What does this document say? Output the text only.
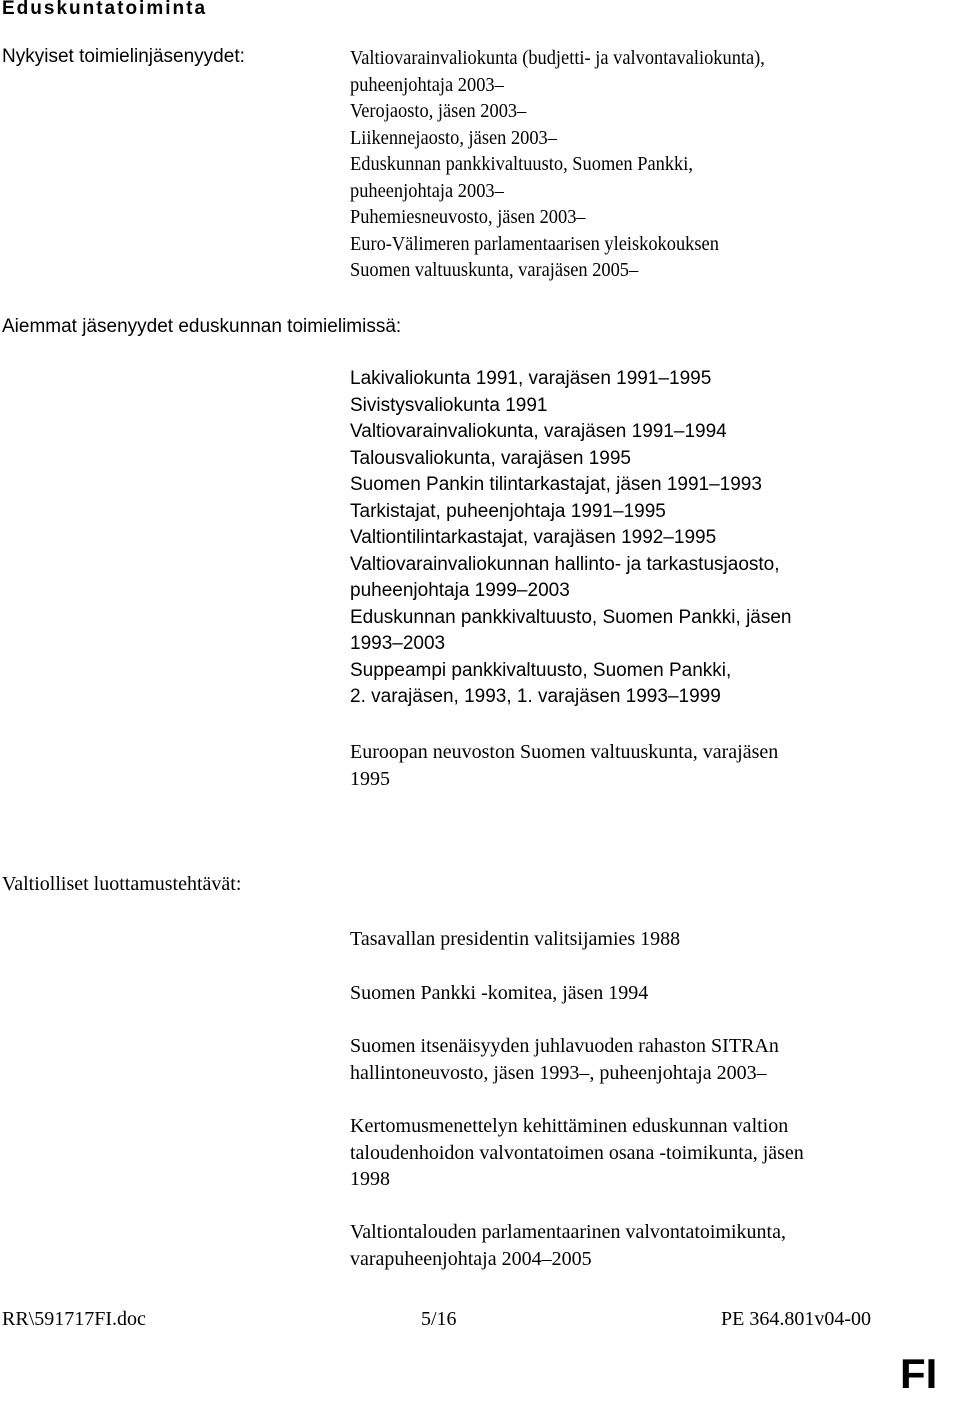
Eduskuntatoiminta
Nykyiset toimielinjäsenyydet:	Valtiovarainvaliokunta (budjetti- ja valvontavaliokunta),
puheenjohtaja 2003–
Verojaosto, jäsen 2003–
Liikennejaosto, jäsen 2003–
Eduskunnan pankkivaltuusto, Suomen Pankki,
puheenjohtaja 2003–
Puhemiesneuvosto, jäsen 2003–
Euro-Välimeren parlamentaarisen yleiskokouksen
Suomen valtuuskunta, varajäsen 2005–
Aiemmat jäsenyydet eduskunnan toimielimissä:
Lakivaliokunta 1991, varajäsen 1991–1995
Sivistysvaliokunta 1991
Valtiovarainvaliokunta, varajäsen 1991–1994
Talousvaliokunta, varajäsen 1995
Suomen Pankin tilintarkastajat, jäsen 1991–1993
Tarkistajat, puheenjohtaja 1991–1995
Valtiontilintarkastajat, varajäsen 1992–1995
Valtiovarainvaliokunnan hallinto- ja tarkastusjaosto,
puheenjohtaja 1999–2003
Eduskunnan pankkivaltuusto, Suomen Pankki, jäsen
1993–2003
Suppeampi pankkivaltuusto, Suomen Pankki,
2. varajäsen, 1993, 1. varajäsen 1993–1999
Euroopan neuvoston Suomen valtuuskunta, varajäsen
1995
Valtiolliset luottamustehtävät:
Tasavallan presidentin valitsijamies 1988
Suomen Pankki -komitea, jäsen 1994
Suomen itsenäisyyden juhlavuoden rahaston SITRAn
hallintoneuvosto, jäsen 1993–, puheenjohtaja 2003–
Kertomusmenettelyn kehittäminen eduskunnan valtion
taloudenhoidon valvontatoimen osana -toimikunta, jäsen
1998
Valtiontalouden parlamentaarinen valvontatoimikunta,
varapuheenjohtaja 2004–2005
RR\591717FI.doc	5/16	PE 364.801v04-00
FI
